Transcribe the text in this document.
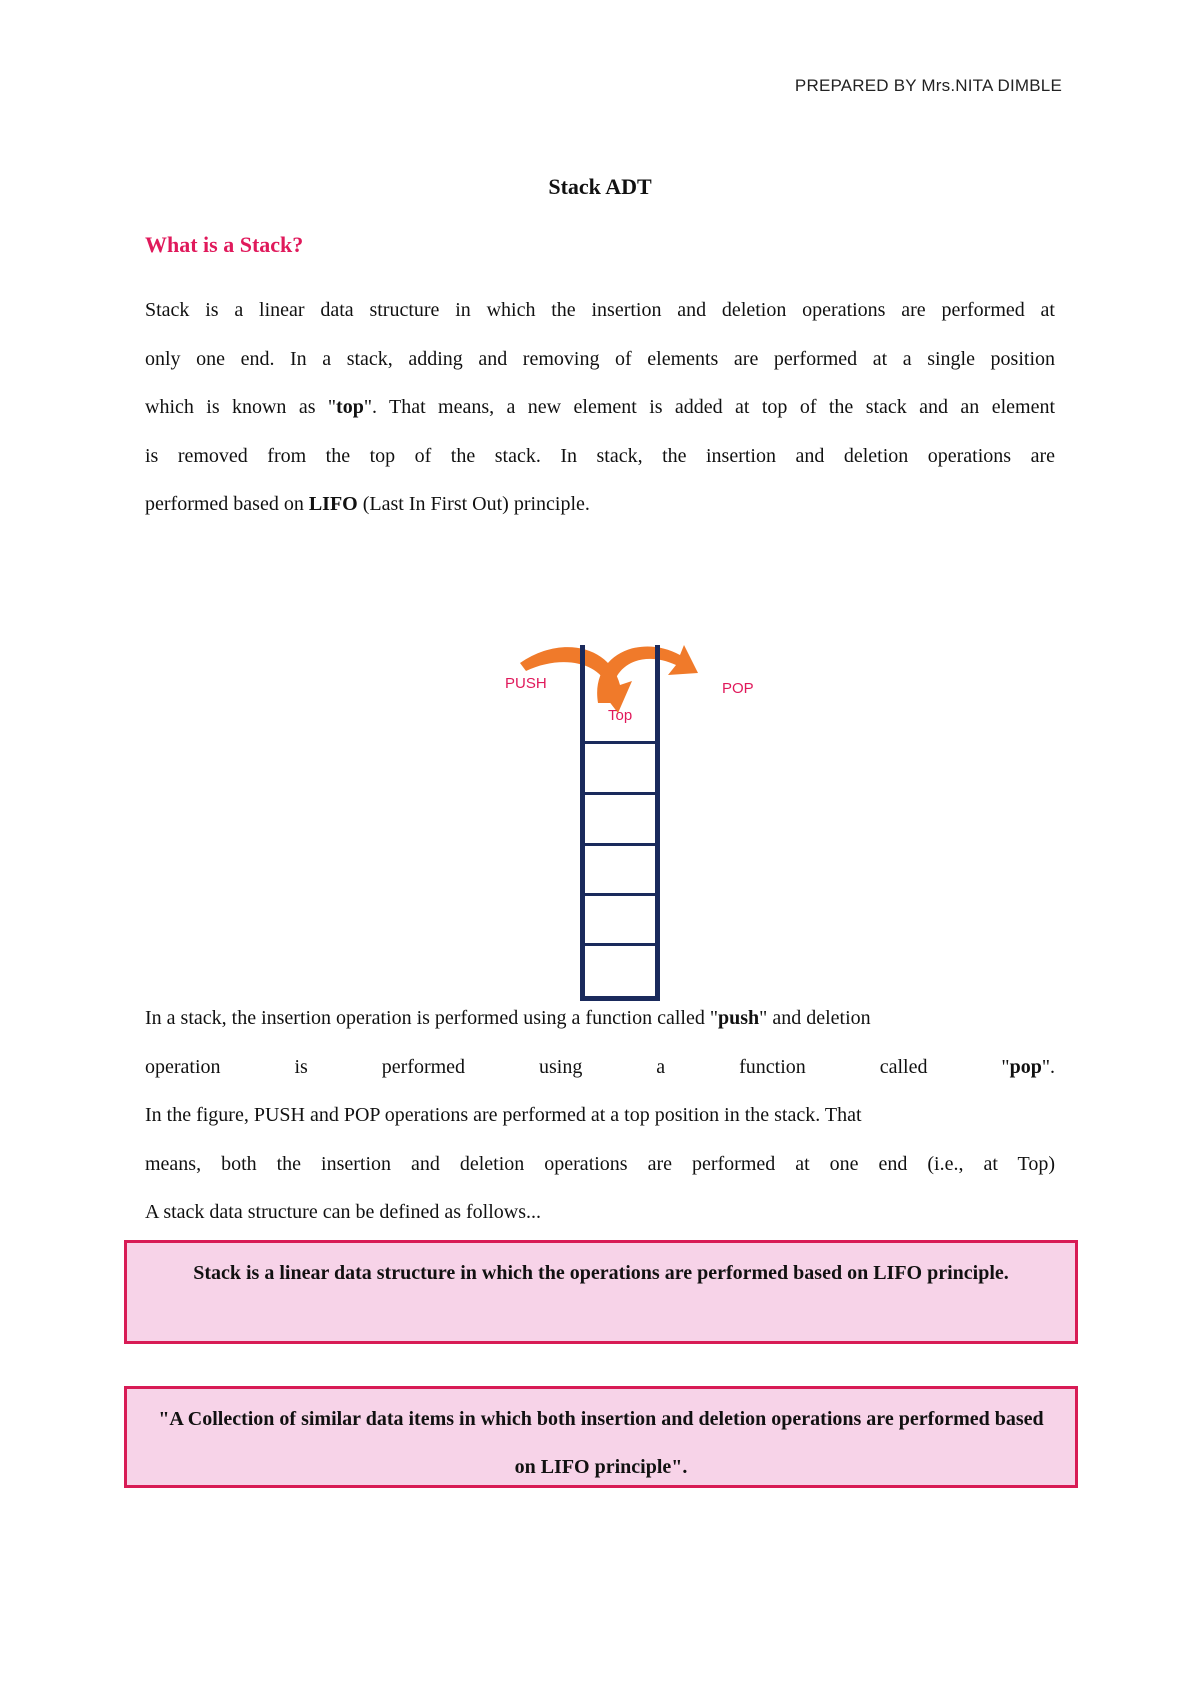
PREPARED BY Mrs.NITA DIMBLE
Stack ADT
What is a Stack?
Stack is a linear data structure in which the insertion and deletion operations are performed at
only one end. In a stack, adding and removing of elements are performed at a single position
which is known as "top". That means, a new element is added at top of the stack and an element
is removed from the top of the stack. In stack, the insertion and deletion operations are
performed based on LIFO (Last In First Out) principle.
PUSH
Top
POP
In a stack, the insertion operation is performed using a function called "push" and deletion
operation is performed using a function called "pop".
In the figure, PUSH and POP operations are performed at a top position in the stack. That
means, both the insertion and deletion operations are performed at one end (i.e., at Top)
A stack data structure can be defined as follows...
Stack is a linear data structure in which the operations are performed based on LIFO principle.
"A Collection of similar data items in which both insertion and deletion operations are performed based on LIFO principle".
